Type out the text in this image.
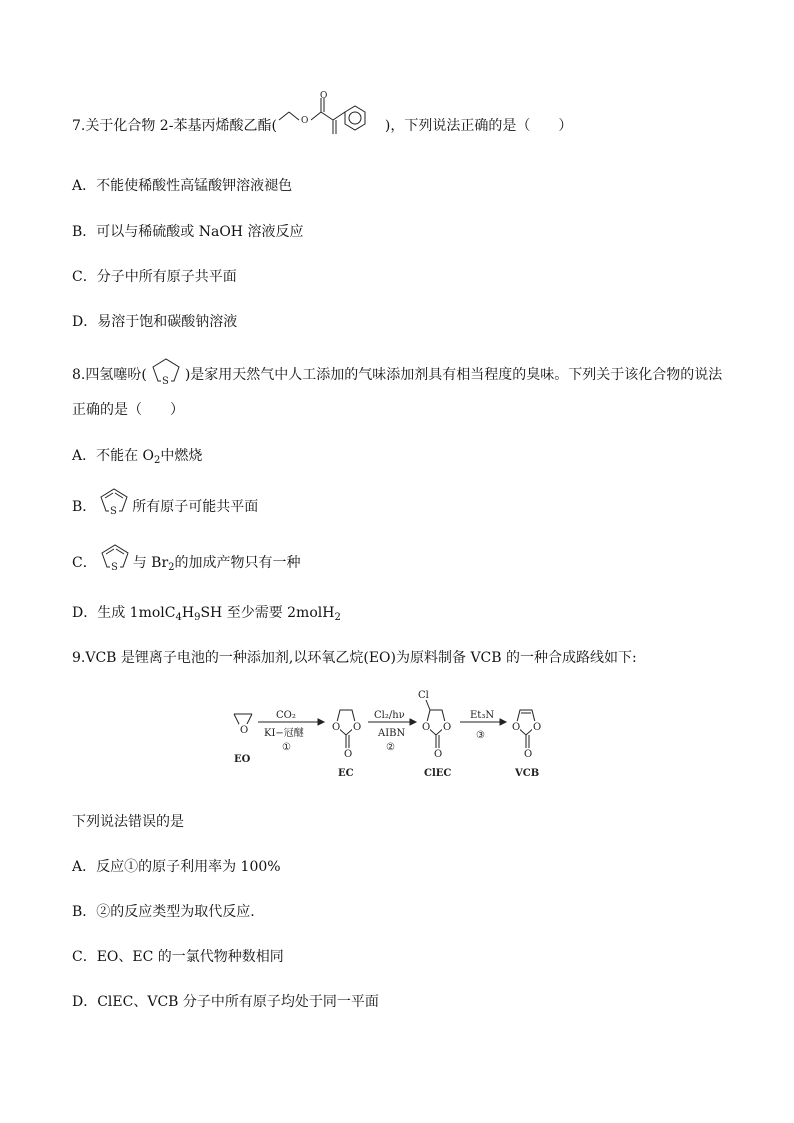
7.关于化合物 2-苯基丙烯酸乙酯(	O
O
)，下列说法正确的是（　　）
A．不能使稀酸性高锰酸钾溶液褪色
B．可以与稀硫酸或 NaOH 溶液反应
C．分子中所有原子共平面
D．易溶于饱和碳酸钠溶液
8.四氢噻吩( S )是家用天然气中人工添加的气味添加剂具有相当程度的臭味。下列关于该化合物的说法
正确的是（　　）
A．不能在 $O_2$中燃烧
B． S 所有原子可能共平面
C． S 与 $Br_2$的加成产物只有一种
D．生成 $1molC_4H_9SH$ 至少需要 2molH$_2$
9.VCB 是锂离子电池的一种添加剂,以环氧乙烷(EO)为原料制备 VCB 的一种合成路线如下:
O	O O
O
O O
O
O O
O
Cl
CO₂
KI−冠醚
①
Cl₂/hν
AIBN
②
Et₃N
③
EO
EC	ClEC	VCB
下列说法错误的是
A．反应①的原子利用率为 100%
B．②的反应类型为取代反应.
C．EO、EC 的一氯代物种数相同
D．ClEC、VCB 分子中所有原子均处于同一平面
